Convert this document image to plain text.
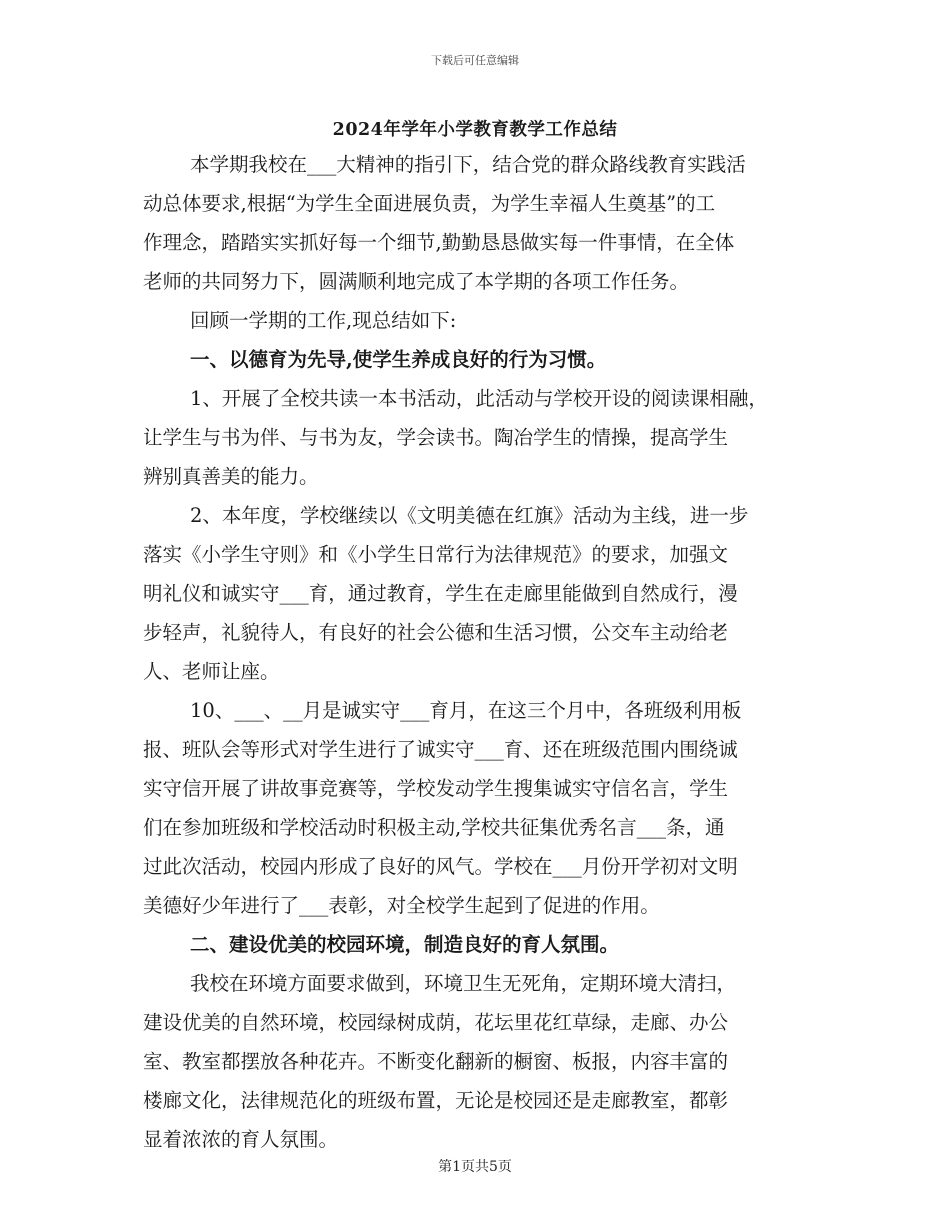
下载后可任意编辑
2024年学年小学教育教学工作总结
本学期我校在___大精神的指引下，结合党的群众路线教育实践活
动总体要求,根据“为学生全面进展负责，为学生幸福人生奠基”的工
作理念，踏踏实实抓好每一个细节,勤勤恳恳做实每一件事情，在全体
老师的共同努力下，圆满顺利地完成了本学期的各项工作任务。
回顾一学期的工作,现总结如下:
一、以德育为先导,使学生养成良好的行为习惯。
1、开展了全校共读一本书活动，此活动与学校开设的阅读课相融，
让学生与书为伴、与书为友，学会读书。陶冶学生的情操，提高学生
辨别真善美的能力。
2、本年度，学校继续以《文明美德在红旗》活动为主线，进一步
落实《小学生守则》和《小学生日常行为法律规范》的要求，加强文
明礼仪和诚实守___育，通过教育，学生在走廊里能做到自然成行，漫
步轻声，礼貌待人，有良好的社会公德和生活习惯，公交车主动给老
人、老师让座。
10、___、__月是诚实守___育月，在这三个月中，各班级利用板
报、班队会等形式对学生进行了诚实守___育、还在班级范围内围绕诚
实守信开展了讲故事竞赛等，学校发动学生搜集诚实守信名言，学生
们在参加班级和学校活动时积极主动,学校共征集优秀名言___条，通
过此次活动，校园内形成了良好的风气。学校在___月份开学初对文明
美德好少年进行了___表彰，对全校学生起到了促进的作用。
二、建设优美的校园环境，制造良好的育人氛围。
我校在环境方面要求做到，环境卫生无死角，定期环境大清扫，
建设优美的自然环境，校园绿树成荫，花坛里花红草绿，走廊、办公
室、教室都摆放各种花卉。不断变化翻新的橱窗、板报，内容丰富的
楼廊文化，法律规范化的班级布置，无论是校园还是走廊教室，都彰
显着浓浓的育人氛围。
第1页共5页
